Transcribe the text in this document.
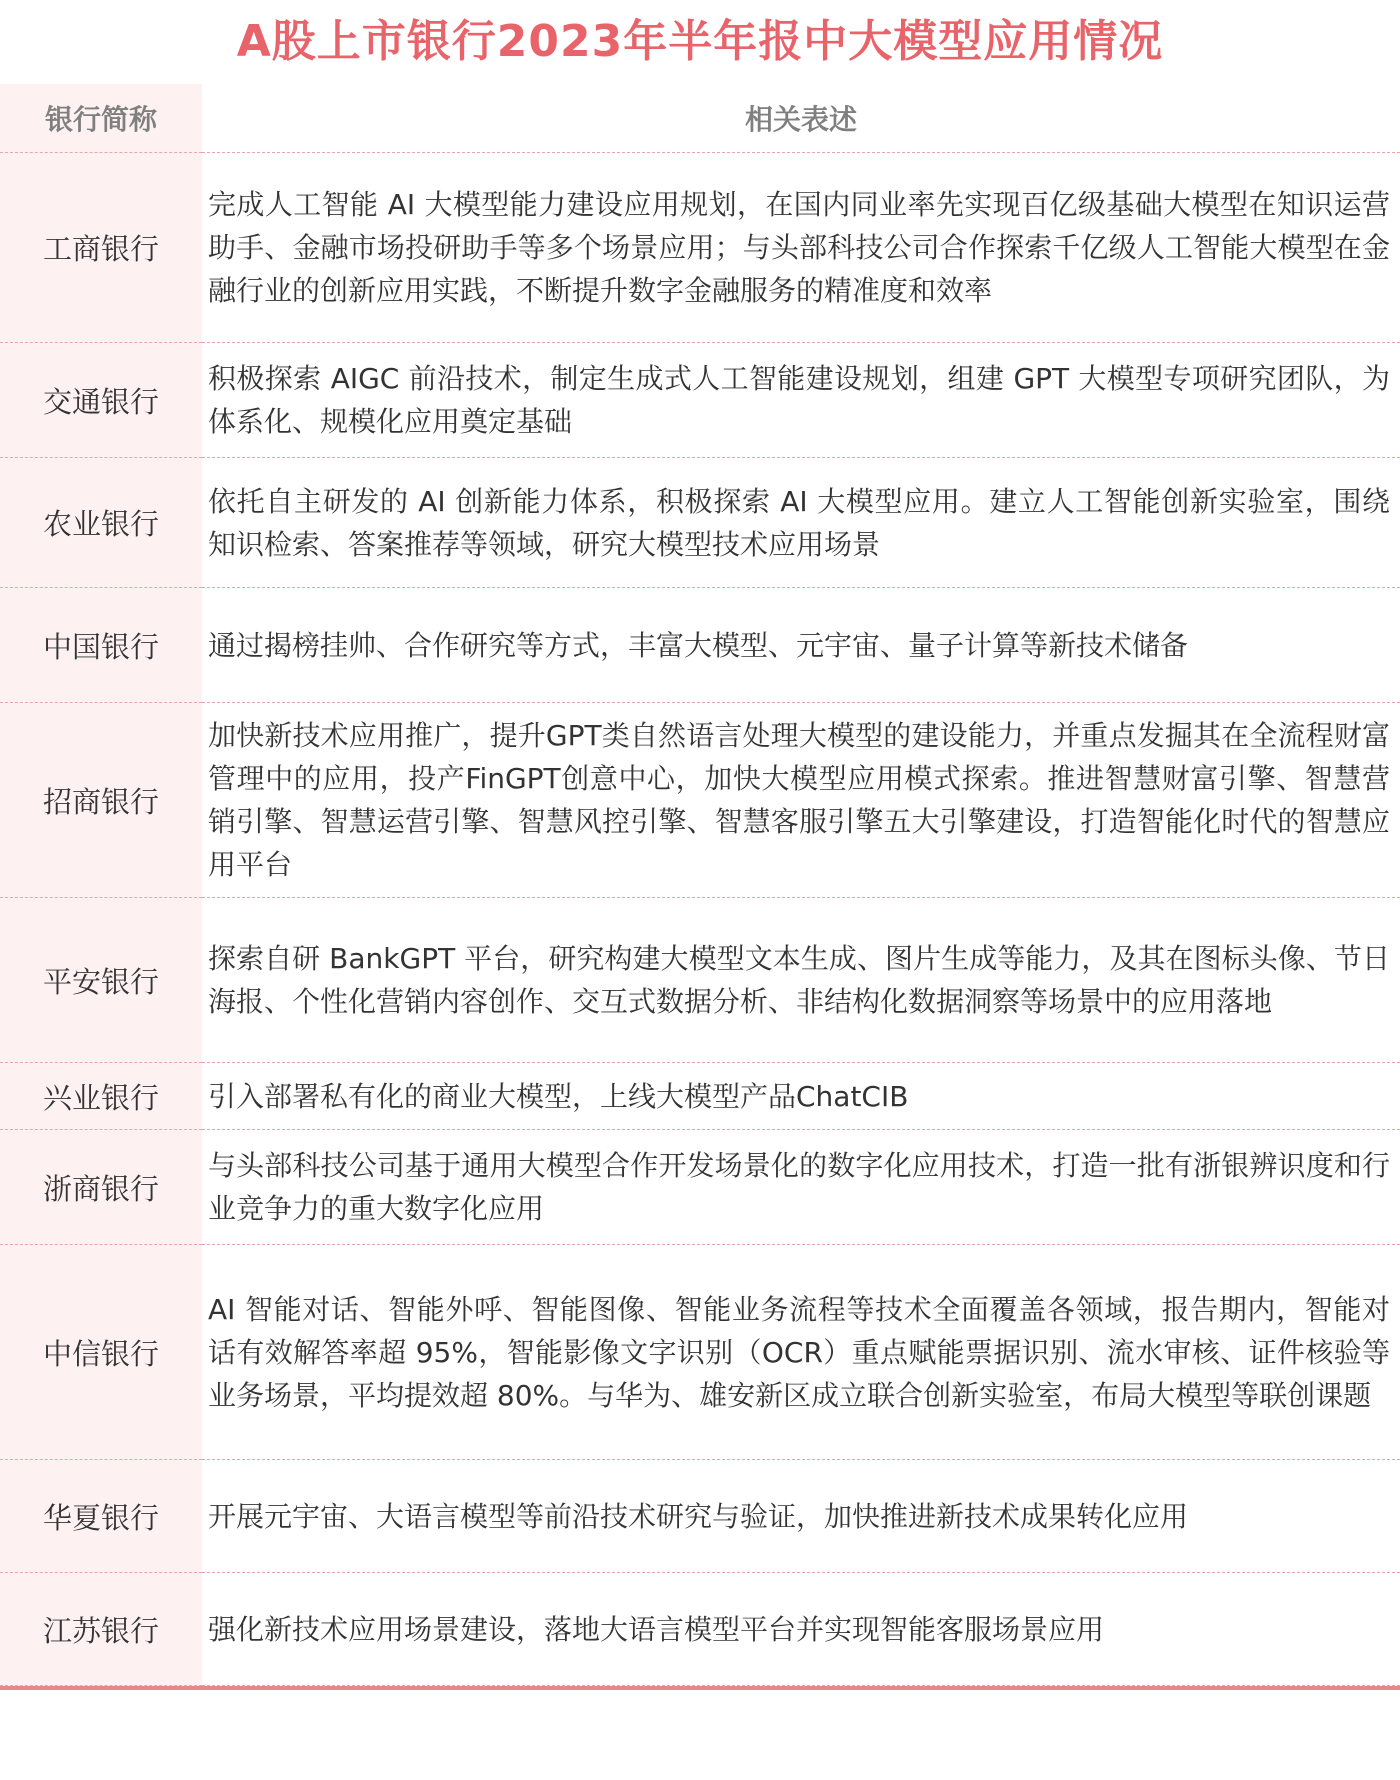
A股上市银行2023年半年报中大模型应用情况
银行简称	相关表述
工商银行	完成人工智能 AI 大模型能力建设应用规划，在国内同业率先实现百亿级基础大模型在知识运营助手、金融市场投研助手等多个场景应用；与头部科技公司合作探索千亿级人工智能大模型在金融行业的创新应用实践，不断提升数字金融服务的精准度和效率
交通银行	积极探索 AIGC 前沿技术，制定生成式人工智能建设规划，组建 GPT 大模型专项研究团队，为体系化、规模化应用奠定基础
农业银行	依托自主研发的 AI 创新能力体系，积极探索 AI 大模型应用。建立人工智能创新实验室，围绕知识检索、答案推荐等领域，研究大模型技术应用场景
中国银行	通过揭榜挂帅、合作研究等方式，丰富大模型、元宇宙、量子计算等新技术储备
招商银行	加快新技术应用推广，提升GPT类自然语言处理大模型的建设能力，并重点发掘其在全流程财富管理中的应用，投产FinGPT创意中心，加快大模型应用模式探索。推进智慧财富引擎、智慧营销引擎、智慧运营引擎、智慧风控引擎、智慧客服引擎五大引擎建设，打造智能化时代的智慧应用平台
平安银行	探索自研 BankGPT 平台，研究构建大模型文本生成、图片生成等能力，及其在图标头像、节日海报、个性化营销内容创作、交互式数据分析、非结构化数据洞察等场景中的应用落地
兴业银行	引入部署私有化的商业大模型，上线大模型产品ChatCIB
浙商银行	与头部科技公司基于通用大模型合作开发场景化的数字化应用技术，打造一批有浙银辨识度和行业竞争力的重大数字化应用
中信银行	AI 智能对话、智能外呼、智能图像、智能业务流程等技术全面覆盖各领域，报告期内，智能对话有效解答率超 95%，智能影像文字识别（OCR）重点赋能票据识别、流水审核、证件核验等业务场景，平均提效超 80%。与华为、雄安新区成立联合创新实验室，布局大模型等联创课题
华夏银行	开展元宇宙、大语言模型等前沿技术研究与验证，加快推进新技术成果转化应用
江苏银行	强化新技术应用场景建设，落地大语言模型平台并实现智能客服场景应用
